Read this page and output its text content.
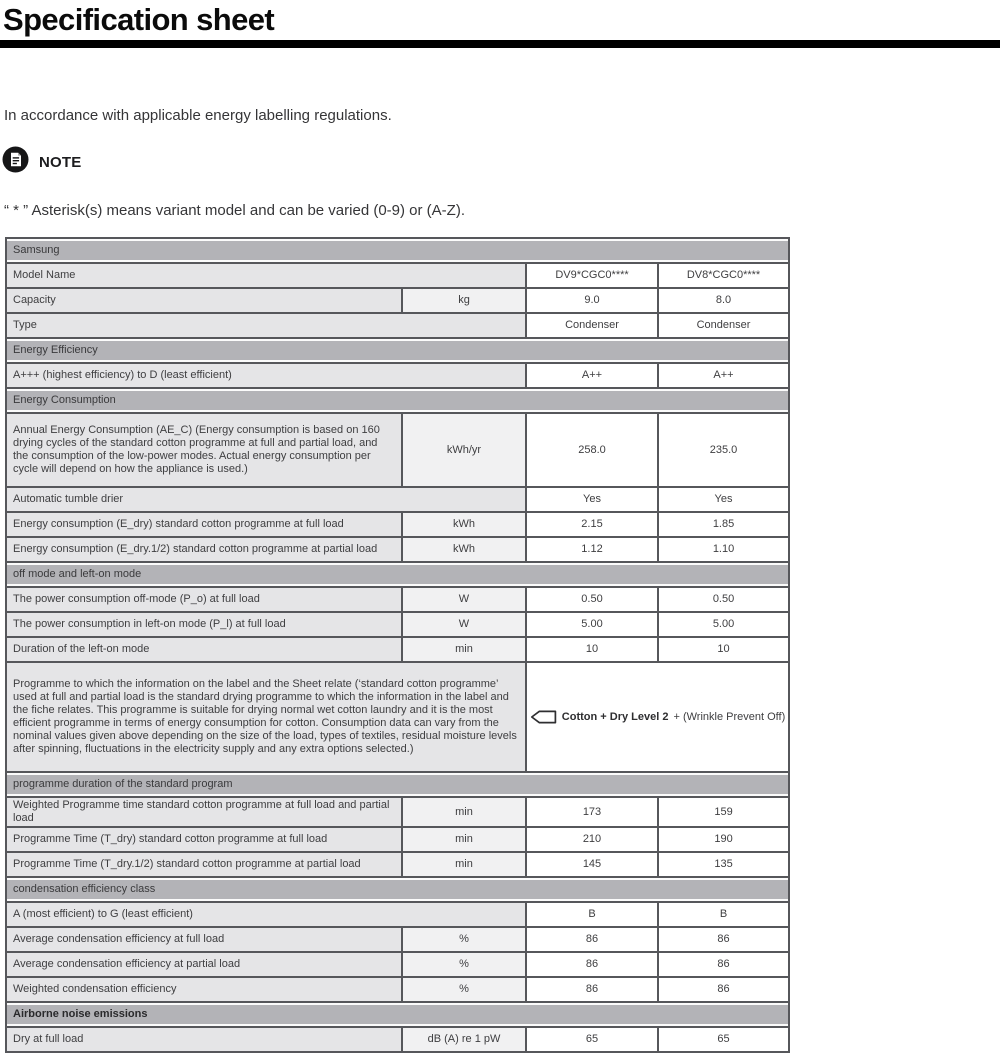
Specification sheet

In accordance with applicable energy labelling regulations.

NOTE

“ * ” Asterisk(s) means variant model and can be varied (0-9) or (A-Z).

Samsung			
Model Name		DV9*CGC0****	DV8*CGC0****
Capacity	kg	9.0	8.0
Type		Condenser	Condenser
Energy Efficiency			
A+++ (highest efficiency) to D (least efficient)		A++	A++
Energy Consumption			
Annual Energy Consumption (AE_C) (Energy consumption is based on 160 drying cycles of the standard cotton programme at full and partial load, and the consumption of the low-power modes. Actual energy consumption per cycle will depend on how the appliance is used.)	kWh/yr	258.0	235.0
Automatic tumble drier		Yes	Yes
Energy consumption (E_dry) standard cotton programme at full load	kWh	2.15	1.85
Energy consumption (E_dry.1/2) standard cotton programme at partial load	kWh	1.12	1.10
off mode and left-on mode			
The power consumption off-mode (P_o) at full load	W	0.50	0.50
The power consumption in left-on mode (P_l) at full load	W	5.00	5.00
Duration of the left-on mode	min	10	10
Programme to which the information on the label and the Sheet relate (‘standard cotton programme’ used at full and partial load is the standard drying programme to which the information in the label and the fiche relates. This programme is suitable for drying normal wet cotton laundry and it is the most efficient programme in terms of energy consumption for cotton. Consumption data can vary from the nominal values given above depending on the size of the load, types of textiles, residual moisture levels after spinning, fluctuations in the electricity supply and any extra options selected.)		Cotton + Dry Level 2 + (Wrinkle Prevent Off)	

programme duration of the standard program			
Weighted Programme time standard cotton programme at full load and partial load	min	173	159
Programme Time (T_dry) standard cotton programme at full load	min	210	190
Programme Time (T_dry.1/2) standard cotton programme at partial load	min	145	135
condensation efficiency class			
A (most efficient) to G (least efficient)		B	B
Average condensation efficiency at full load	%	86	86
Average condensation efficiency at partial load	%	86	86
Weighted condensation efficiency	%	86	86
Airborne noise emissions			
Dry at full load	dB (A) re 1 pW	65	65
